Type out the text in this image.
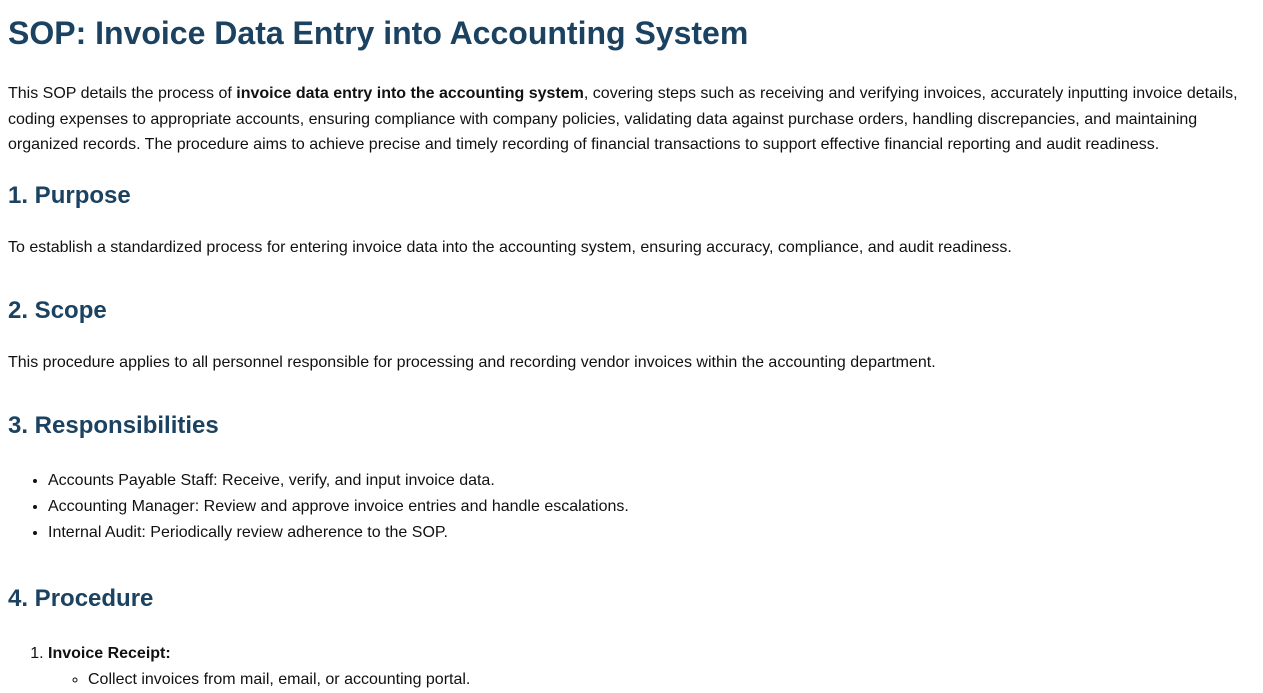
SOP: Invoice Data Entry into Accounting System

This SOP details the process of invoice data entry into the accounting system, covering steps such as receiving and verifying invoices, accurately inputting invoice details, coding expenses to appropriate accounts, ensuring compliance with company policies, validating data against purchase orders, handling discrepancies, and maintaining organized records. The procedure aims to achieve precise and timely recording of financial transactions to support effective financial reporting and audit readiness.

1. Purpose

To establish a standardized process for entering invoice data into the accounting system, ensuring accuracy, compliance, and audit readiness.

2. Scope

This procedure applies to all personnel responsible for processing and recording vendor invoices within the accounting department.

3. Responsibilities
• Accounts Payable Staff: Receive, verify, and input invoice data.
• Accounting Manager: Review and approve invoice entries and handle escalations.
• Internal Audit: Periodically review adherence to the SOP.
4. Procedure
1. Invoice Receipt:
◦ Collect invoices from mail, email, or accounting portal.
